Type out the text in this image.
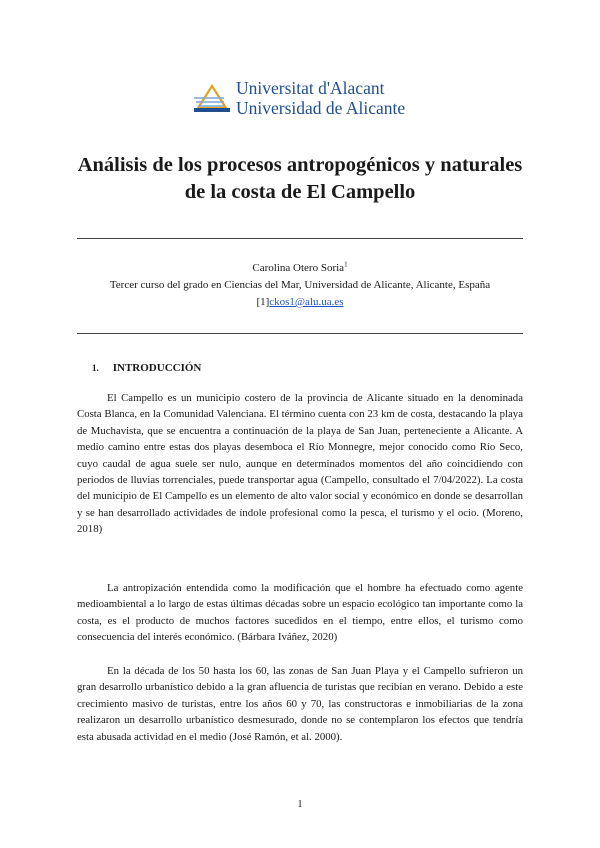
Universitat d'Alacant
Universidad de Alicante
Análisis de los procesos antropogénicos y naturales
de la costa de El Campello
Carolina Otero Soria$^1$
Tercer curso del grado en Ciencias del Mar, Universidad de Alicante, Alicante, España
[1]ckos1@alu.ua.es
1. INTRODUCCIÓN

El Campello es un municipio costero de la provincia de Alicante situado en la denominada Costa Blanca, en la Comunidad Valenciana. El término cuenta con 23 km de costa, destacando la playa de Muchavista, que se encuentra a continuación de la playa de San Juan, perteneciente a Alicante. A medio camino entre estas dos playas desemboca el Río Monnegre, mejor conocido como Río Seco, cuyo caudal de agua suele ser nulo, aunque en determinados momentos del año coincidiendo con periodos de lluvias torrenciales, puede transportar agua (Campello, consultado el 7/04/2022). La costa del municipio de El Campello es un elemento de alto valor social y económico en donde se desarrollan y se han desarrollado actividades de índole profesional como la pesca, el turismo y el ocio. (Moreno, 2018)

La antropización entendida como la modificación que el hombre ha efectuado como agente medioambiental a lo largo de estas últimas décadas sobre un espacio ecológico tan importante como la costa, es el producto de muchos factores sucedidos en el tiempo, entre ellos, el turismo como consecuencia del interés económico. (Bárbara Iváñez, 2020)

En la década de los 50 hasta los 60, las zonas de San Juan Playa y el Campello sufrieron un gran desarrollo urbanístico debido a la gran afluencia de turistas que recibían en verano. Debido a este crecimiento masivo de turistas, entre los años 60 y 70, las constructoras e inmobiliarias de la zona realizaron un desarrollo urbanístico desmesurado, donde no se contemplaron los efectos que tendría esta abusada actividad en el medio (José Ramón, et al. 2000).

1
